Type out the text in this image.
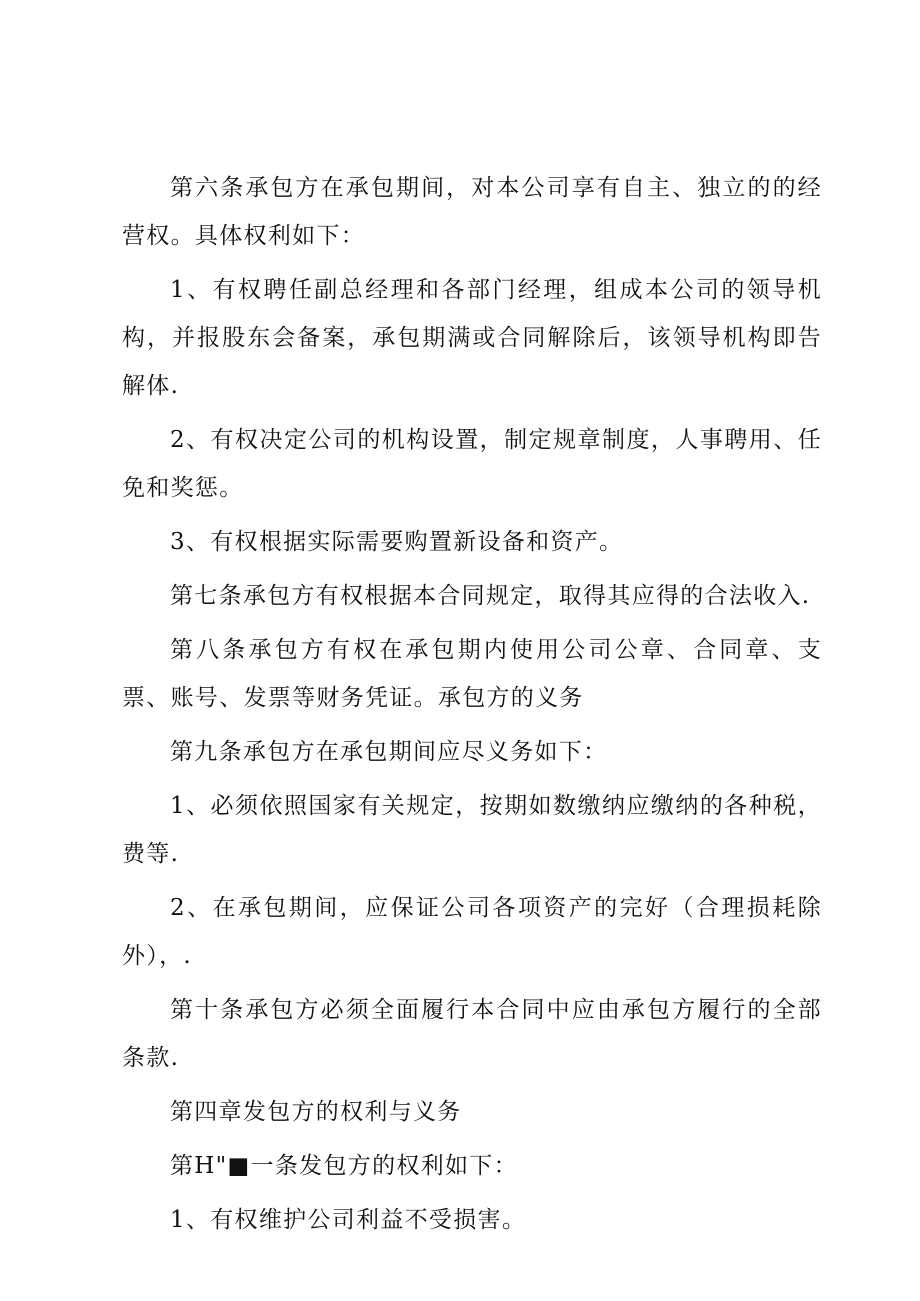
第六条承包方在承包期间，对本公司享有自主、独立的的经营权。具体权利如下：

1、有权聘任副总经理和各部门经理，组成本公司的领导机构，并报股东会备案，承包期满或合同解除后，该领导机构即告解体.

2、有权决定公司的机构设置，制定规章制度，人事聘用、任免和奖惩。

3、有权根据实际需要购置新设备和资产。

第七条承包方有权根据本合同规定，取得其应得的合法收入.

第八条承包方有权在承包期内使用公司公章、合同章、支票、账号、发票等财务凭证。承包方的义务

第九条承包方在承包期间应尽义务如下：

1、必须依照国家有关规定，按期如数缴纳应缴纳的各种税，费等.

2、在承包期间，应保证公司各项资产的完好（合理损耗除外），.

第十条承包方必须全面履行本合同中应由承包方履行的全部条款.

第四章发包方的权利与义务

第H"■一条发包方的权利如下：

1、有权维护公司利益不受损害。
